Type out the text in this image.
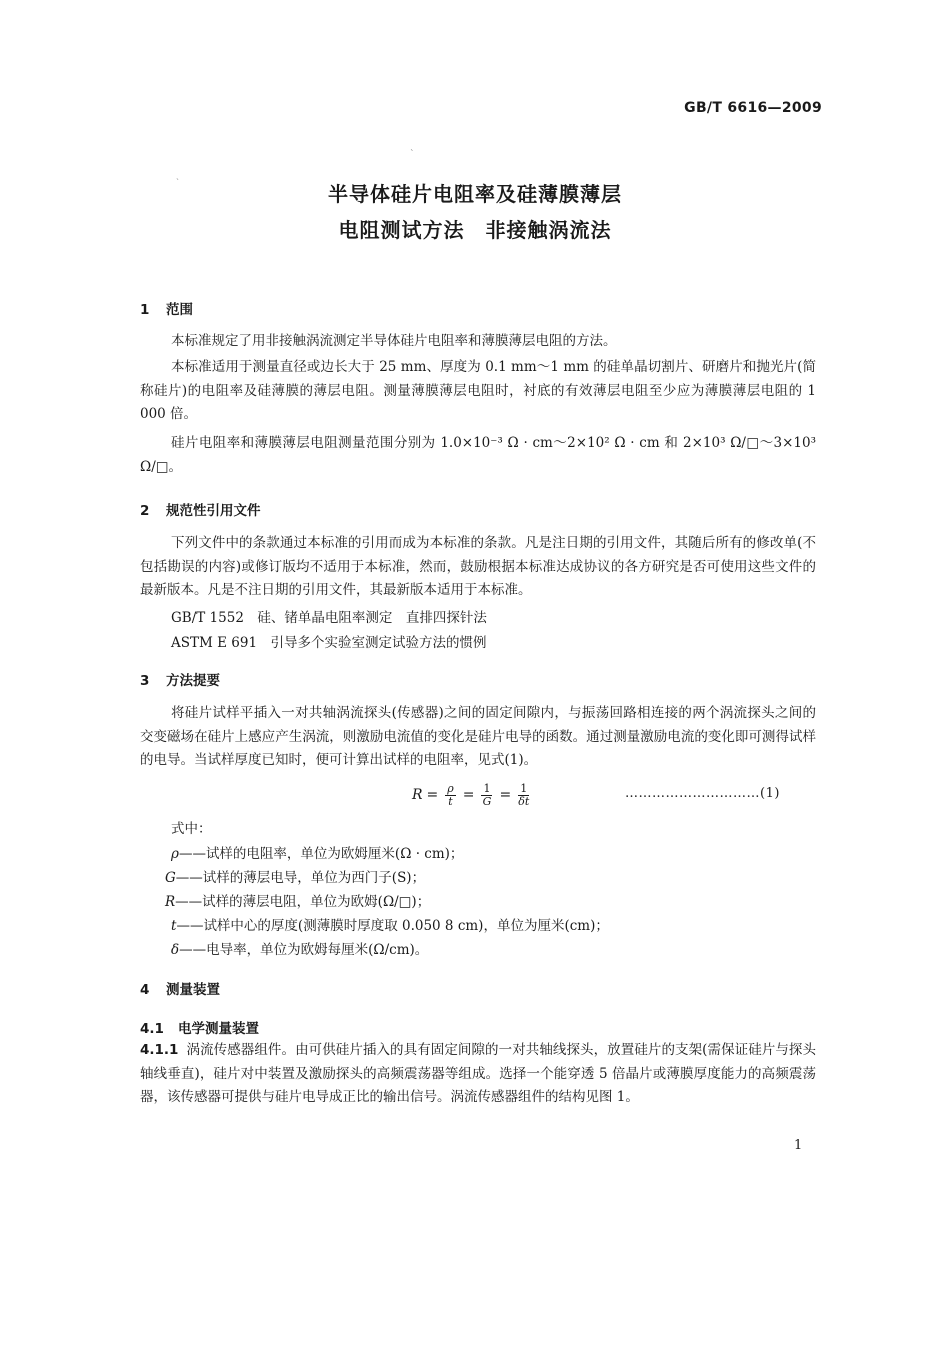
ˋ
ˏ
GB/T 6616—2009
半导体硅片电阻率及硅薄膜薄层
电阻测试方法　非接触涡流法
1 范围
本标准规定了用非接触涡流测定半导体硅片电阻率和薄膜薄层电阻的方法。
本标准适用于测量直径或边长大于 25 mm、厚度为 0.1 mm～1 mm 的硅单晶切割片、研磨片和抛光片(简称硅片)的电阻率及硅薄膜的薄层电阻。测量薄膜薄层电阻时，衬底的有效薄层电阻至少应为薄膜薄层电阻的 1 000 倍。
硅片电阻率和薄膜薄层电阻测量范围分别为 1.0×10⁻³ Ω · cm～2×10² Ω · cm 和 2×10³ Ω/□～3×10³ Ω/□。
2 规范性引用文件
下列文件中的条款通过本标准的引用而成为本标准的条款。凡是注日期的引用文件，其随后所有的修改单(不包括勘误的内容)或修订版均不适用于本标准，然而，鼓励根据本标准达成协议的各方研究是否可使用这些文件的最新版本。凡是不注日期的引用文件，其最新版本适用于本标准。
GB/T 1552　硅、锗单晶电阻率测定　直排四探针法
ASTM E 691　引导多个实验室测定试验方法的惯例
3 方法提要
将硅片试样平插入一对共轴涡流探头(传感器)之间的固定间隙内，与振荡回路相连接的两个涡流探头之间的交变磁场在硅片上感应产生涡流，则激励电流值的变化是硅片电导的函数。通过测量激励电流的变化即可测得试样的电导。当试样厚度已知时，便可计算出试样的电阻率，见式(1)。
$R = \frac{\rho}{t} = \frac{1}{G} = \frac{1}{\delta t}$	…………………………(1)
式中：
ρ——试样的电阻率，单位为欧姆厘米(Ω · cm)；
G——试样的薄层电导，单位为西门子(S)；
R——试样的薄层电阻，单位为欧姆(Ω/□)；
t——试样中心的厚度(测薄膜时厚度取 0.050 8 cm)，单位为厘米(cm)；
δ——电导率，单位为欧姆每厘米(Ω/cm)。
4 测量装置
4.1 电学测量装置
4.1.1 涡流传感器组件。由可供硅片插入的具有固定间隙的一对共轴线探头，放置硅片的支架(需保证硅片与探头轴线垂直)，硅片对中装置及激励探头的高频震荡器等组成。选择一个能穿透 5 倍晶片或薄膜厚度能力的高频震荡器，该传感器可提供与硅片电导成正比的输出信号。涡流传感器组件的结构见图 1。
1
